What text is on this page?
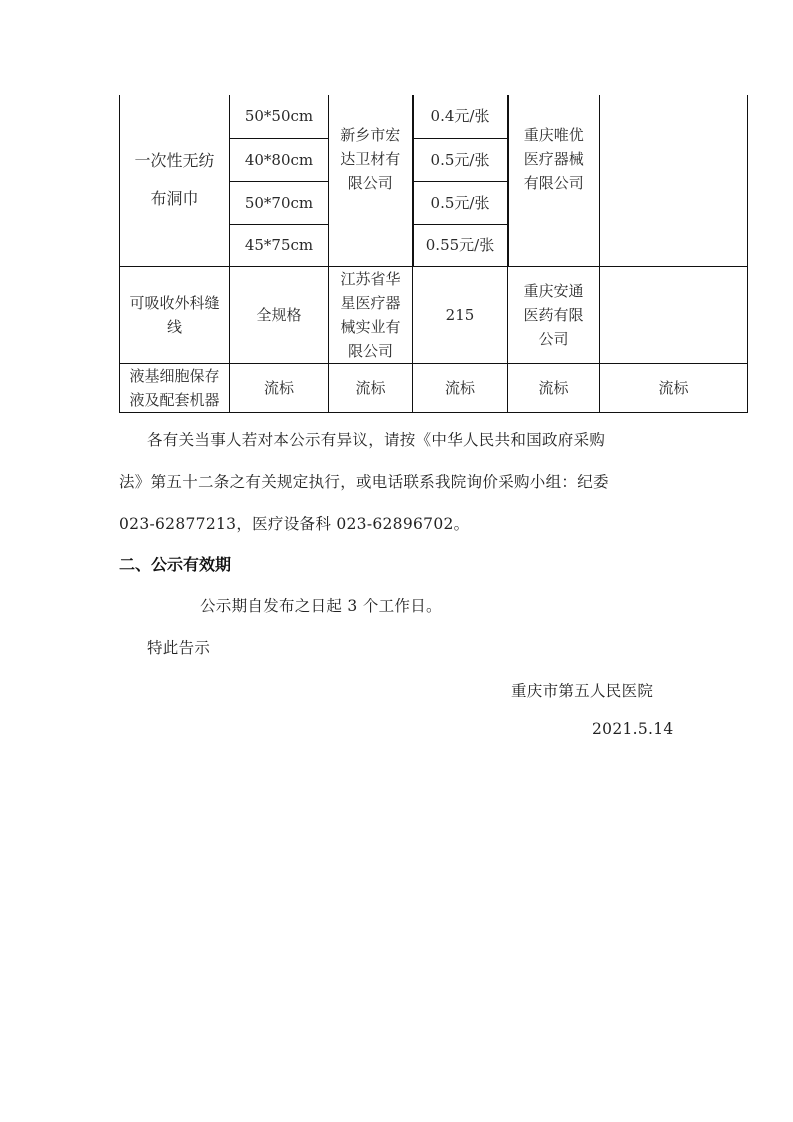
一次性无纺布洞巾	50*50cm	新乡市宏达卫材有限公司	0.4元/张	重庆唯优医疗器械有限公司	
	40*80cm		0.5元/张		
	50*70cm		0.5元/张		
	45*75cm		0.55元/张		
可吸收外科缝线	全规格	江苏省华星医疗器械实业有限公司	215	重庆安通医药有限公司	
液基细胞保存液及配套机器	流标	流标	流标	流标	流标
各有关当事人若对本公示有异议，请按《中华人民共和国政府采购
法》第五十二条之有关规定执行，或电话联系我院询价采购小组：纪委
023-62877213，医疗设备科 023-62896702。
二、公示有效期
公示期自发布之日起 3 个工作日。
特此告示
重庆市第五人民医院
2021.5.14
